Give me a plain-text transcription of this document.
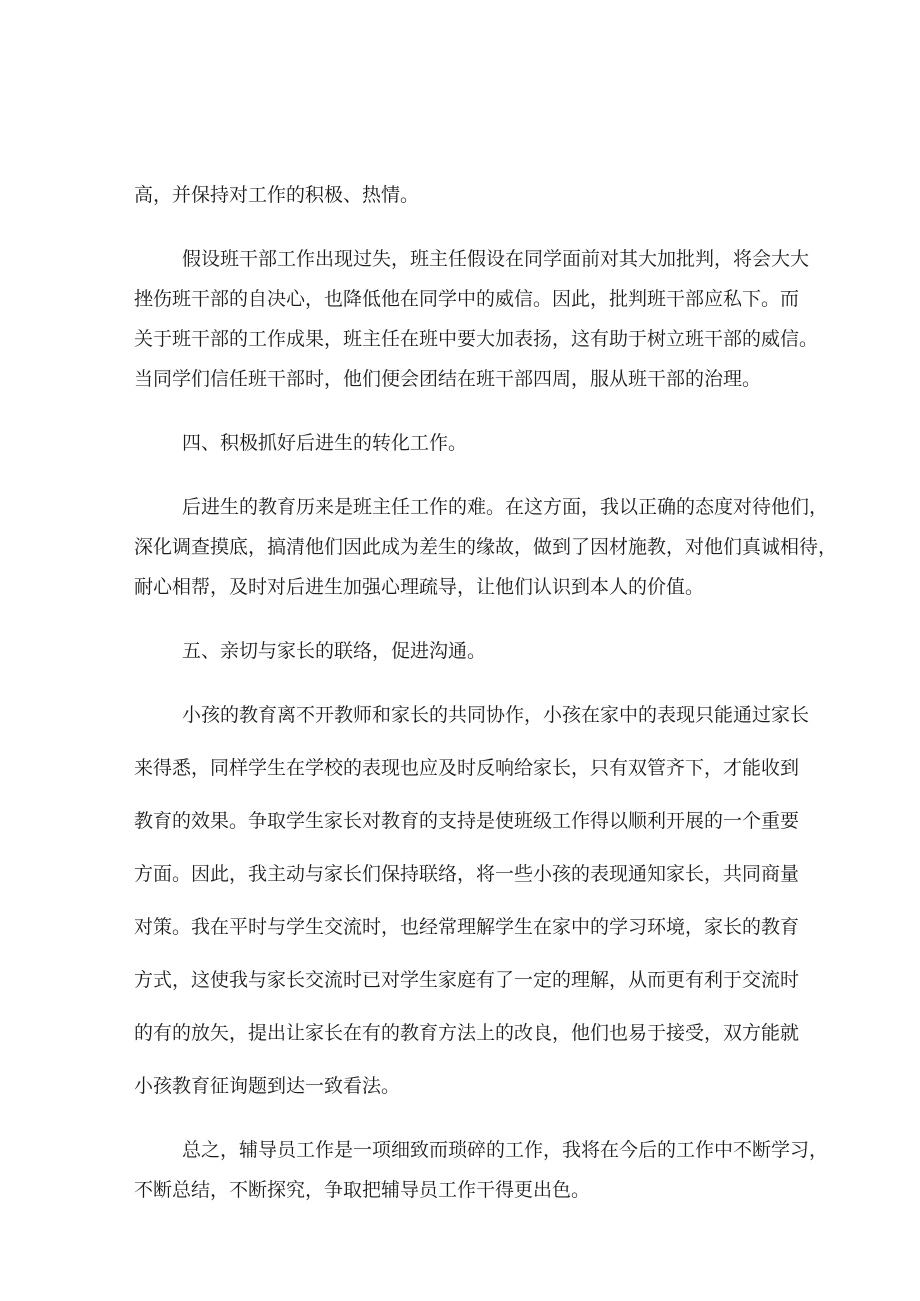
高，并保持对工作的积极、热情。
假设班干部工作出现过失，班主任假设在同学面前对其大加批判，将会大大
挫伤班干部的自决心，也降低他在同学中的威信。因此，批判班干部应私下。而
关于班干部的工作成果，班主任在班中要大加表扬，这有助于树立班干部的威信。
当同学们信任班干部时，他们便会团结在班干部四周，服从班干部的治理。
四、积极抓好后进生的转化工作。
后进生的教育历来是班主任工作的难。在这方面，我以正确的态度对待他们，
深化调查摸底，搞清他们因此成为差生的缘故，做到了因材施教，对他们真诚相待，
耐心相帮，及时对后进生加强心理疏导，让他们认识到本人的价值。
五、亲切与家长的联络，促进沟通。
小孩的教育离不开教师和家长的共同协作，小孩在家中的表现只能通过家长
来得悉，同样学生在学校的表现也应及时反响给家长，只有双管齐下，才能收到
教育的效果。争取学生家长对教育的支持是使班级工作得以顺利开展的一个重要
方面。因此，我主动与家长们保持联络，将一些小孩的表现通知家长，共同商量
对策。我在平时与学生交流时，也经常理解学生在家中的学习环境，家长的教育
方式，这使我与家长交流时已对学生家庭有了一定的理解，从而更有利于交流时
的有的放矢，提出让家长在有的教育方法上的改良，他们也易于接受，双方能就
小孩教育征询题到达一致看法。
总之，辅导员工作是一项细致而琐碎的工作，我将在今后的工作中不断学习，
不断总结，不断探究，争取把辅导员工作干得更出色。
